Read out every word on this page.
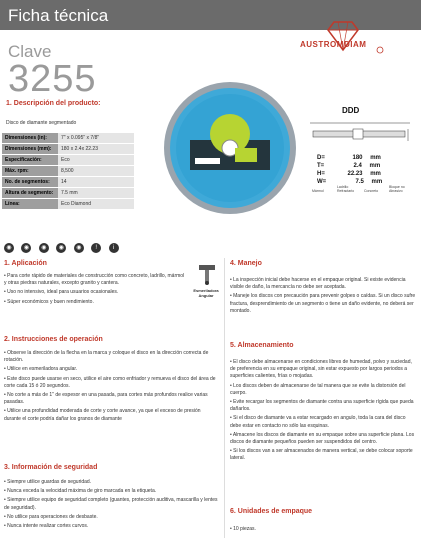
Ficha técnica
Clave
3255
AUSTROMDIAM
1. Descripción del producto:
Disco de diamante segmentado
Dimensiones (in):	7" x 0.095" x 7/8"
Dimensiones (mm):	180 x 2.4x 22.23
Especificación:	Eco
Máx. rpm:	8,500
No. de segmentos:	14
Altura de segmento:	7.5 mm
Línea:	Eco Diamond
DDD
D=	180 mm
T=	2.4 mm
H=	22.23 mm
W=	7.5 mm
Mármol Ladrillo Refractario	Concreto Bloque no Abrasivo
◉ ◉ ◉ ◉ ◉ !	i
1. Aplicación

• Para corte rápido de materiales de construcción como concreto, ladrillo, mármol y otras piedras naturales, excepto granito y cantera.

• Uso no intensivo, ideal para usuarios ocasionales.

• Súper económicos y buen rendimiento.

Esmeriladora Angular
2. Instrucciones de operación

• Observe la dirección de la flecha en la marca y coloque el disco en la dirección correcta de rotación.

• Utilice en esmeriladora angular.

• Este disco puede usarse en seco, utilice el aire como enfriador y remueva el disco del área de corte cada 15 ó 20 segundos.

• No corte a más de 1" de espesor en una pasada, para cortes más profundos realice varias pasadas.

• Utilice una profundidad moderada de corte y corte avance, ya que el exceso de presión durante el corte podría dañar los granos de diamante

3. Información de seguridad

• Siempre utilice guardas de seguridad.

• Nunca exceda la velocidad máxima de giro marcada en la etiqueta.

• Siempre utilice equipo de seguridad completo (guantes, protección auditiva, mascarilla y lentes de seguridad).

• No utilice para operaciones de desbaste.

• Nunca intente realizar cortes curvos.

4. Manejo

• La inspección inicial debe hacerse en el empaque original. Si existe evidencia visible de daño, la mercancía no debe ser aceptada.

• Maneje los discos con precaución para prevenir golpes o caídas. Si un disco sufre fractura, desprendimiento de un segmento o tiene un daño evidente, no deberá ser montado.

5. Almacenamiento

• El disco debe almacenarse en condiciones libres de humedad, polvo y suciedad, de preferencia en su empaque original, sin estar expuesto por largos periodos a superficies calientes, frías o mojadas.

• Los discos deben de almacenarse de tal manera que se evite la distorsión del cuerpo.

• Evite recargar los segmentos de diamante contra una superficie rígida que pueda dañarlos.

• Si el disco de diamante va a estar recargado en angulo, toda la cara del disco debe estar en contacto no sólo las esquinas.

• Almacene los discos de diamante en su empaque sobre una superficie plana. Los discos de diamante pequeños pueden ser suspendidos del centro.

• Si los discos van a ser almacenados de manera vertical, se debe colocar soporte lateral.

6. Unidades de empaque

• 10 piezas.
